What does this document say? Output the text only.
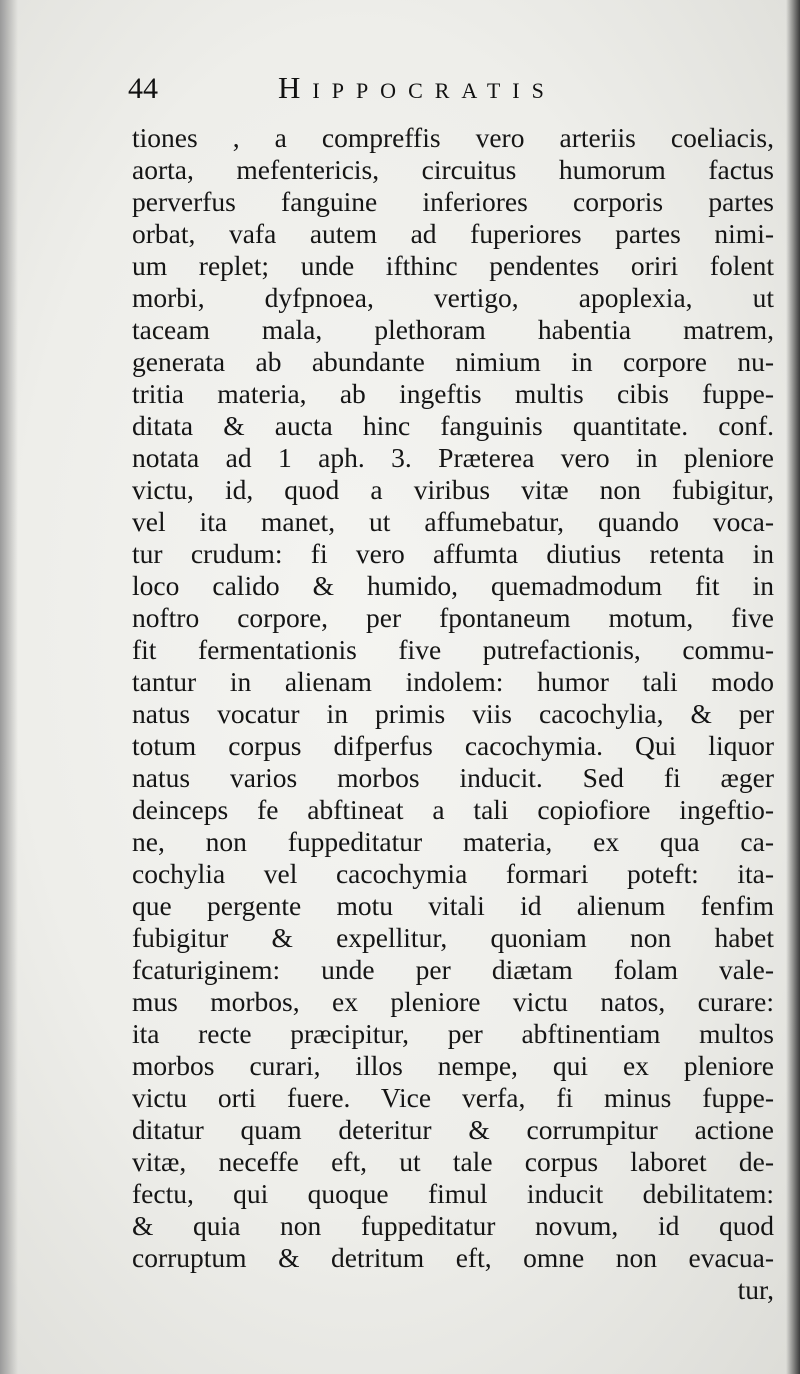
44	Hippocratis
tiones , a compreffis vero arteriis coeliacis,
aorta, mefentericis, circuitus humorum factus
perverfus fanguine inferiores corporis partes
orbat, vafa autem ad fuperiores partes nimi-
um replet; unde ifthinc pendentes oriri folent
morbi, dyfpnoea, vertigo, apoplexia, ut
taceam mala, plethoram habentia matrem,
generata ab abundante nimium in corpore nu-
tritia materia, ab ingeftis multis cibis fuppe-
ditata & aucta hinc fanguinis quantitate. conf.
notata ad 1 aph. 3. Præterea vero in pleniore
victu, id, quod a viribus vitæ non fubigitur,
vel ita manet, ut affumebatur, quando voca-
tur crudum: fi vero affumta diutius retenta in
loco calido & humido, quemadmodum fit in
noftro corpore, per fpontaneum motum, five
fit fermentationis five putrefactionis, commu-
tantur in alienam indolem: humor tali modo
natus vocatur in primis viis cacochylia, & per
totum corpus difperfus cacochymia. Qui liquor
natus varios morbos inducit. Sed fi æger
deinceps fe abftineat a tali copiofiore ingeftio-
ne, non fuppeditatur materia, ex qua ca-
cochylia vel cacochymia formari poteft: ita-
que pergente motu vitali id alienum fenfim
fubigitur & expellitur, quoniam non habet
fcaturiginem: unde per diætam folam vale-
mus morbos, ex pleniore victu natos, curare:
ita recte præcipitur, per abftinentiam multos
morbos curari, illos nempe, qui ex pleniore
victu orti fuere. Vice verfa, fi minus fuppe-
ditatur quam deteritur & corrumpitur actione
vitæ, neceffe eft, ut tale corpus laboret de-
fectu, qui quoque fimul inducit debilitatem:
& quia non fuppeditatur novum, id quod
corruptum & detritum eft, omne non evacua-
tur,
